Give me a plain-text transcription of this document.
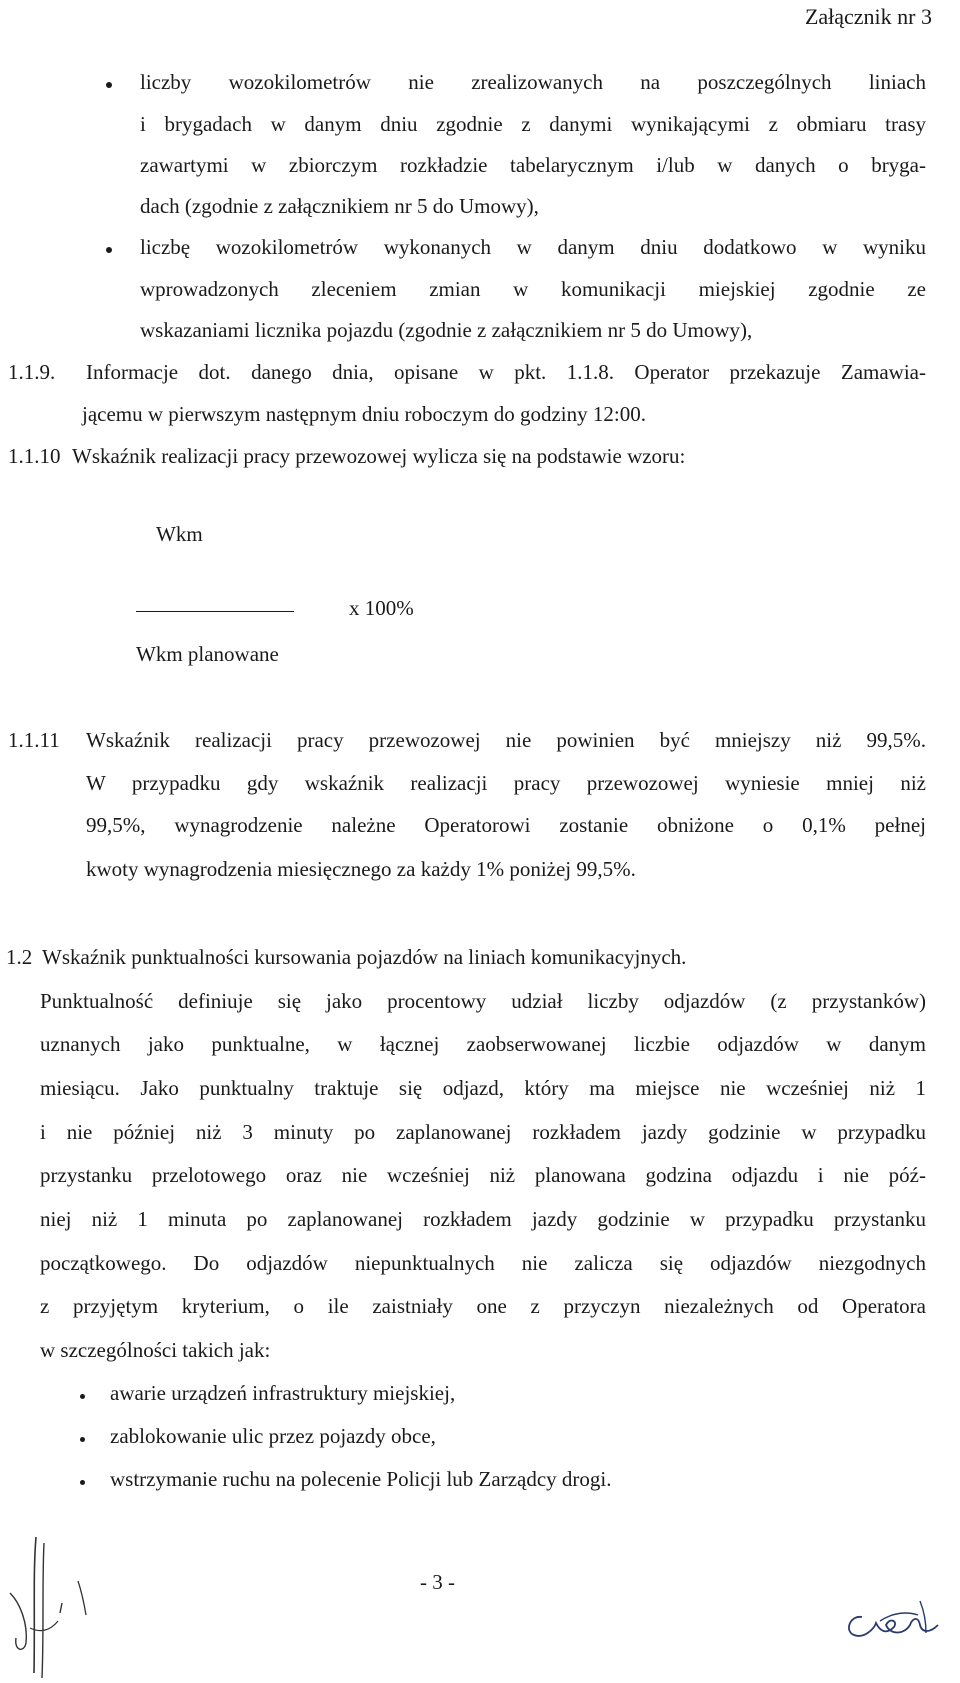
Załącznik nr 3
liczby wozokilometrów nie zrealizowanych na poszczególnych liniach
i brygadach w danym dniu zgodnie z danymi wynikającymi z obmiaru trasy
zawartymi w zbiorczym rozkładzie tabelarycznym i/lub w danych o bryga-
dach (zgodnie z załącznikiem nr 5 do Umowy),
liczbę wozokilometrów wykonanych w danym dniu dodatkowo w wyniku
wprowadzonych zleceniem zmian w komunikacji miejskiej zgodnie ze
wskazaniami licznika pojazdu (zgodnie z załącznikiem nr 5 do Umowy),
1.1.9. Informacje dot. danego dnia, opisane w pkt. 1.1.8. Operator przekazuje Zamawia-
jącemu w pierwszym następnym dniu roboczym do godziny 12:00.
1.1.10 Wskaźnik realizacji pracy przewozowej wylicza się na podstawie wzoru:
Wkm
x 100%
Wkm planowane
1.1.11 Wskaźnik realizacji pracy przewozowej nie powinien być mniejszy niż 99,5%.
W przypadku gdy wskaźnik realizacji pracy przewozowej wyniesie mniej niż
99,5%, wynagrodzenie należne Operatorowi zostanie obniżone o 0,1% pełnej
kwoty wynagrodzenia miesięcznego za każdy 1% poniżej 99,5%.
1.2 Wskaźnik punktualności kursowania pojazdów na liniach komunikacyjnych.
Punktualność definiuje się jako procentowy udział liczby odjazdów (z przystanków)
uznanych jako punktualne, w łącznej zaobserwowanej liczbie odjazdów w danym
miesiącu. Jako punktualny traktuje się odjazd, który ma miejsce nie wcześniej niż 1
i nie później niż 3 minuty po zaplanowanej rozkładem jazdy godzinie w przypadku
przystanku przelotowego oraz nie wcześniej niż planowana godzina odjazdu i nie póź-
niej niż 1 minuta po zaplanowanej rozkładem jazdy godzinie w przypadku przystanku
początkowego. Do odjazdów niepunktualnych nie zalicza się odjazdów niezgodnych
z przyjętym kryterium, o ile zaistniały one z przyczyn niezależnych od Operatora
w szczególności takich jak:
awarie urządzeń infrastruktury miejskiej,
zablokowanie ulic przez pojazdy obce,
wstrzymanie ruchu na polecenie Policji lub Zarządcy drogi.
- 3 -
